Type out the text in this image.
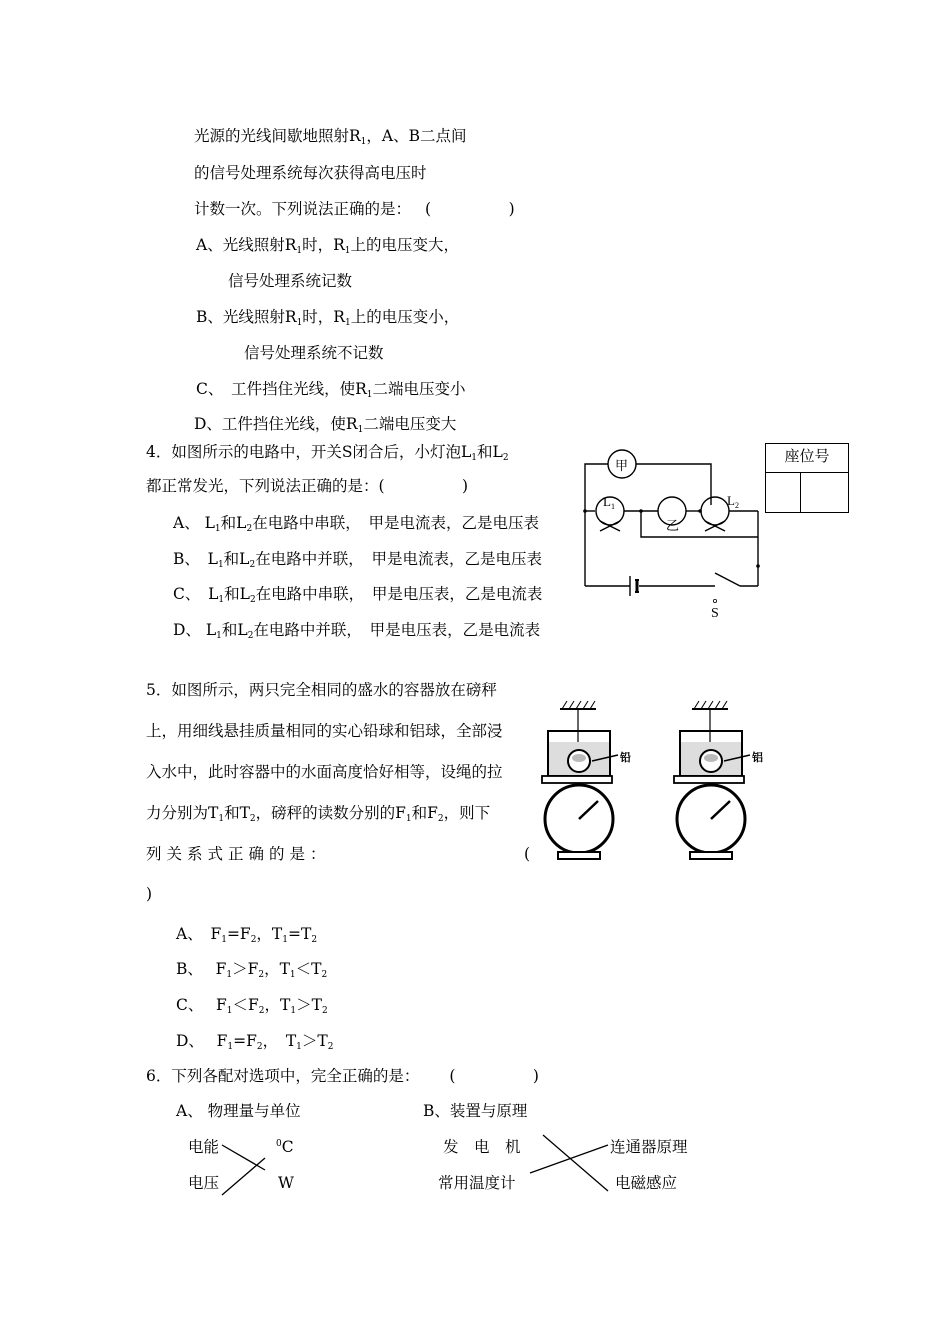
光源的光线间歇地照射$R_1$，A、B二点间
的信号处理系统每次获得高电压时
计数一次。下列说法正确的是： (　　　　　)
A、光线照射$R_1$时，$R_1$上的电压变大，
信号处理系统记数
B、光线照射$R_1$时，$R_1$上的电压变小，
信号处理系统不记数
C、　工件挡住光线，使$R_1$二端电压变小
D、工件挡住光线，使$R_1$二端电压变大
座位号
4．如图所示的电路中，开关S闭合后，小灯泡$L_1$和$L_2$
都正常发光，下列说法正确的是：(　　　　　)
A、 $L_1$和$L_2$在电路中串联，　甲是电流表，乙是电压表
B、　$L_1$和$L_2$在电路中并联，　甲是电流表，乙是电压表
C、　$L_1$和$L_2$在电路中串联，　甲是电压表，乙是电流表
D、 $L_1$和$L_2$在电路中并联，　甲是电压表，乙是电流表
甲
乙
$L_1$	$L_2$
S
5．如图所示，两只完全相同的盛水的容器放在磅秤
上，用细线悬挂质量相同的实心铅球和铝球，全部浸
入水中，此时容器中的水面高度恰好相等，设绳的拉
力分别为$T_1$和$T_2$，磅秤的读数分别的$F_1$和$F_2$，则下
列关系式正确的是：	(
)
A、　$F_1=F_2$，$T_1=T_2$
B、　 $F_1>F_2$，$T_1<T_2$
C、　 $F_1<F_2$，$T_1>T_2$
D、　 $F_1=F_2$，　$T_1>T_2$
铅	铝
6．下列各配对选项中，完全正确的是： (　　　　　)
A、 物理量与单位	B、装置与原理
电能
电压
$^0$C
W
发　电　机
常用温度计
连通器原理
电磁感应
